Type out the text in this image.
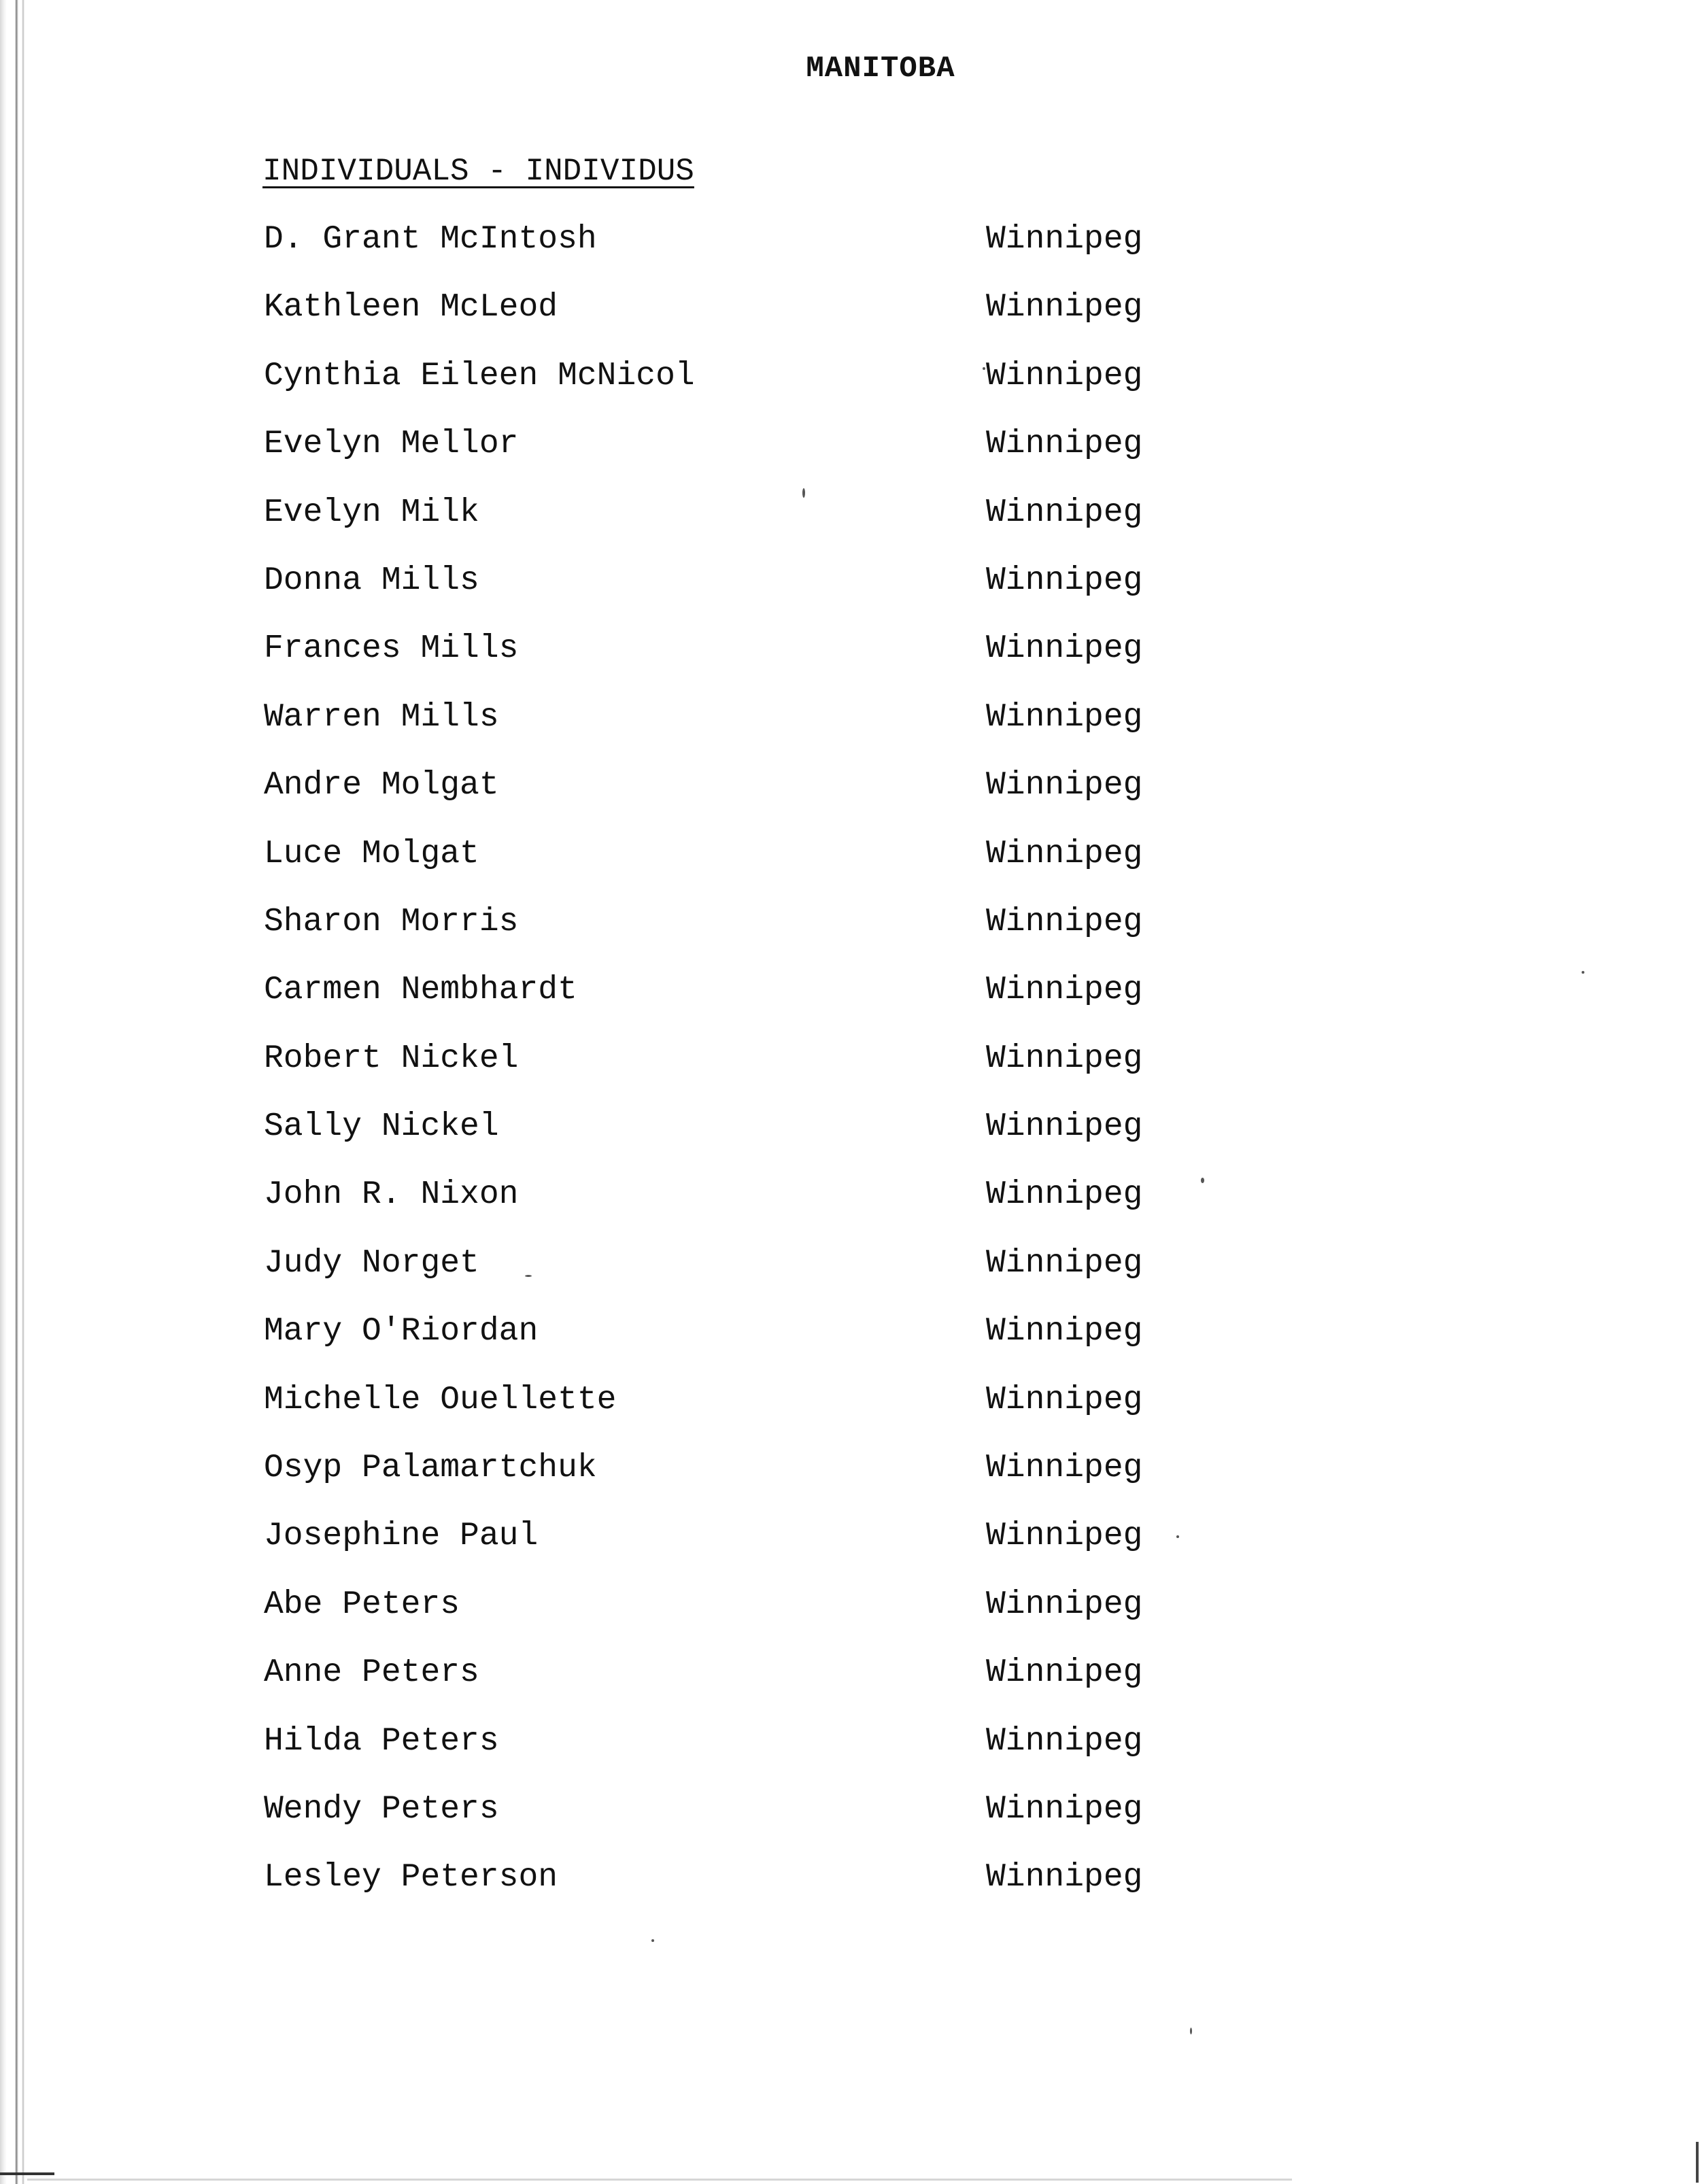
MANITOBA
INDIVIDUALS - INDIVIDUS
D. Grant McIntosh	Winnipeg
Kathleen McLeod	Winnipeg
Cynthia Eileen McNicol	Winnipeg
Evelyn Mellor	Winnipeg
Evelyn Milk	Winnipeg
Donna Mills	Winnipeg
Frances Mills	Winnipeg
Warren Mills	Winnipeg
Andre Molgat	Winnipeg
Luce Molgat	Winnipeg
Sharon Morris	Winnipeg
Carmen Nembhardt	Winnipeg
Robert Nickel	Winnipeg
Sally Nickel	Winnipeg
John R. Nixon	Winnipeg
Judy Norget	Winnipeg
Mary O'Riordan	Winnipeg
Michelle Ouellette	Winnipeg
Osyp Palamartchuk	Winnipeg
Josephine Paul	Winnipeg
Abe Peters	Winnipeg
Anne Peters	Winnipeg
Hilda Peters	Winnipeg
Wendy Peters	Winnipeg
Lesley Peterson	Winnipeg
